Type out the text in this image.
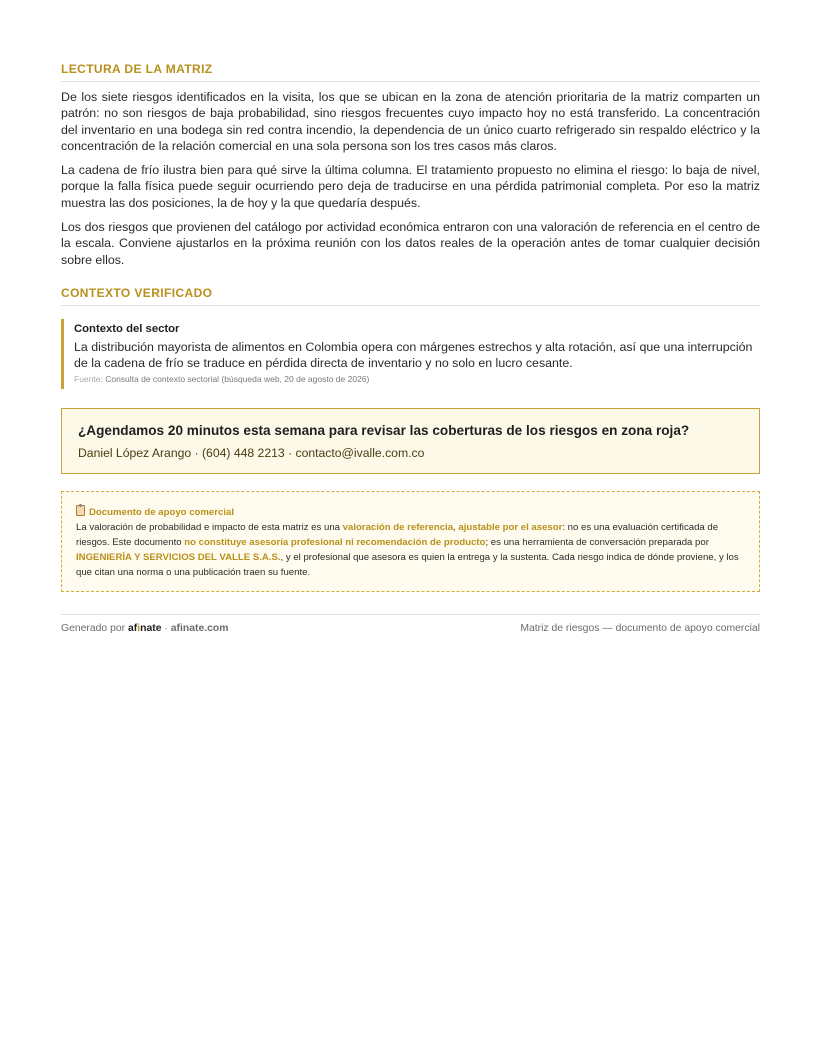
LECTURA DE LA MATRIZ

De los siete riesgos identificados en la visita, los que se ubican en la zona de atención prioritaria de la matriz comparten un patrón: no son riesgos de baja probabilidad, sino riesgos frecuentes cuyo impacto hoy no está transferido. La concentración del inventario en una bodega sin red contra incendio, la dependencia de un único cuarto refrigerado sin respaldo eléctrico y la concentración de la relación comercial en una sola persona son los tres casos más claros.

La cadena de frío ilustra bien para qué sirve la última columna. El tratamiento propuesto no elimina el riesgo: lo baja de nivel, porque la falla física puede seguir ocurriendo pero deja de traducirse en una pérdida patrimonial completa. Por eso la matriz muestra las dos posiciones, la de hoy y la que quedaría después.

Los dos riesgos que provienen del catálogo por actividad económica entraron con una valoración de referencia en el centro de la escala. Conviene ajustarlos en la próxima reunión con los datos reales de la operación antes de tomar cualquier decisión sobre ellos.

CONTEXTO VERIFICADO
Contexto del sector
La distribución mayorista de alimentos en Colombia opera con márgenes estrechos y alta rotación, así que una interrupción de la cadena de frío se traduce en pérdida directa de inventario y no solo en lucro cesante.
Fuente: Consulta de contexto sectorial (búsqueda web, 20 de agosto de 2026)
¿Agendamos 20 minutos esta semana para revisar las coberturas de los riesgos en zona roja?
Daniel López Arango · (604) 448 2213 · contacto@ivalle.com.co
Documento de apoyo comercial
La valoración de probabilidad e impacto de esta matriz es una valoración de referencia, ajustable por el asesor: no es una evaluación certificada de riesgos. Este documento no constituye asesoría profesional ni recomendación de producto; es una herramienta de conversación preparada por INGENIERÍA Y SERVICIOS DEL VALLE S.A.S., y el profesional que asesora es quien la entrega y la sustenta. Cada riesgo indica de dónde proviene, y los que citan una norma o una publicación traen su fuente.
Generado por afinate · afinate.com	Matriz de riesgos — documento de apoyo comercial
